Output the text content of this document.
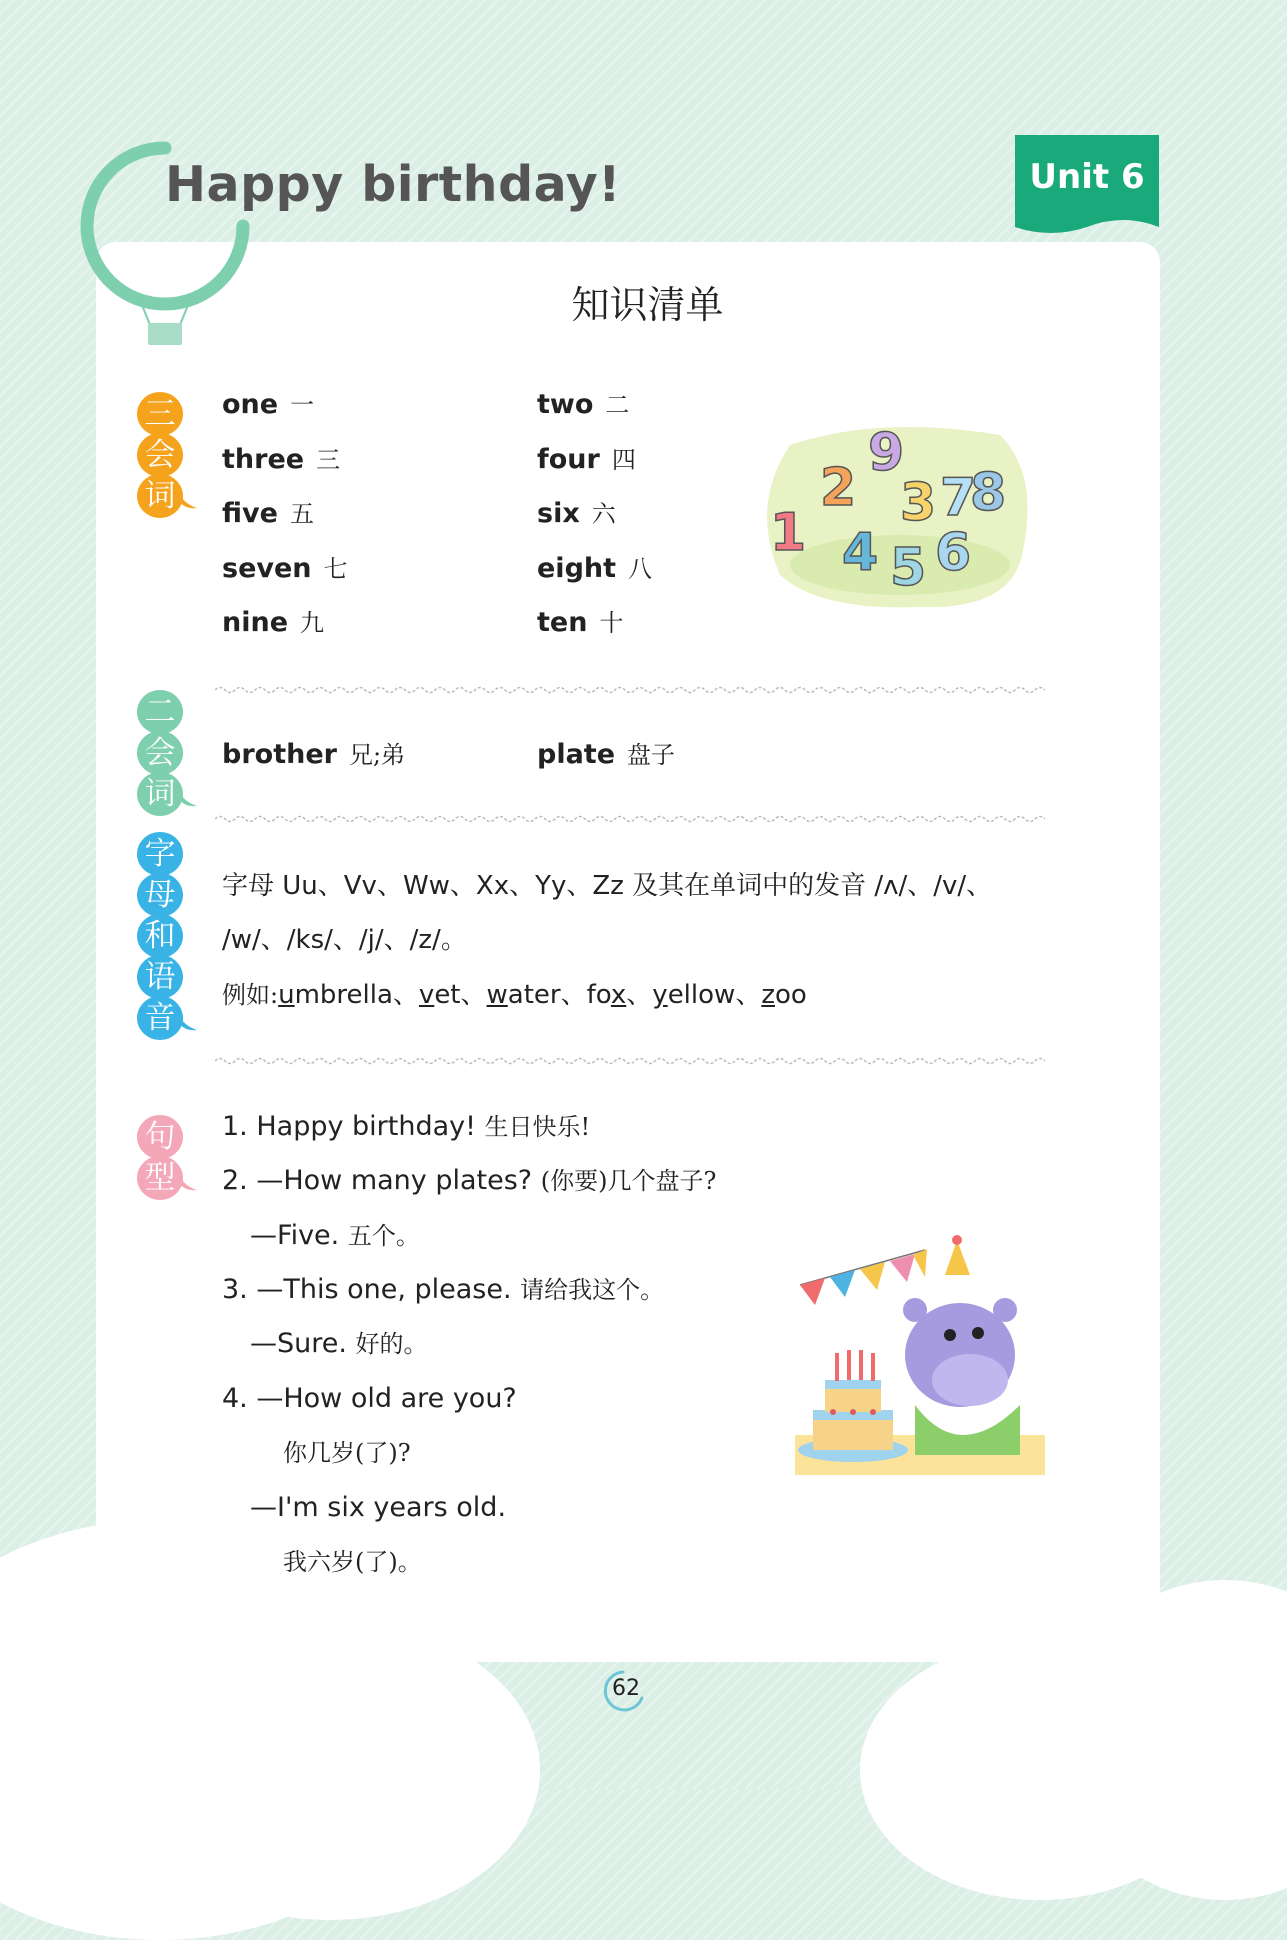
Happy birthday!	Unit 6
知识清单
三
会
词
one 一	two 二
three 三	four 四
five 五	six 六
seven 七	eight 八
nine 九	ten 十
1
2 3
4 5 6
7
8
9
二
会
词
brother 兄;弟	plate 盘子
字
母
和
语
音
字母 Uu、Vv、Ww、Xx、Yy、Zz 及其在单词中的发音 /ʌ/、/v/、
/w/、/ks/、/j/、/z/。
例如:umbrella、vet、water、fox、yellow、zoo
句
型
1. Happy birthday! 生日快乐!
2. —How many plates? (你要)几个盘子?
—Five. 五个。
3. —This one, please. 请给我这个。
—Sure. 好的。
4. —How old are you?
你几岁(了)?
—I'm six years old.
我六岁(了)。
62
